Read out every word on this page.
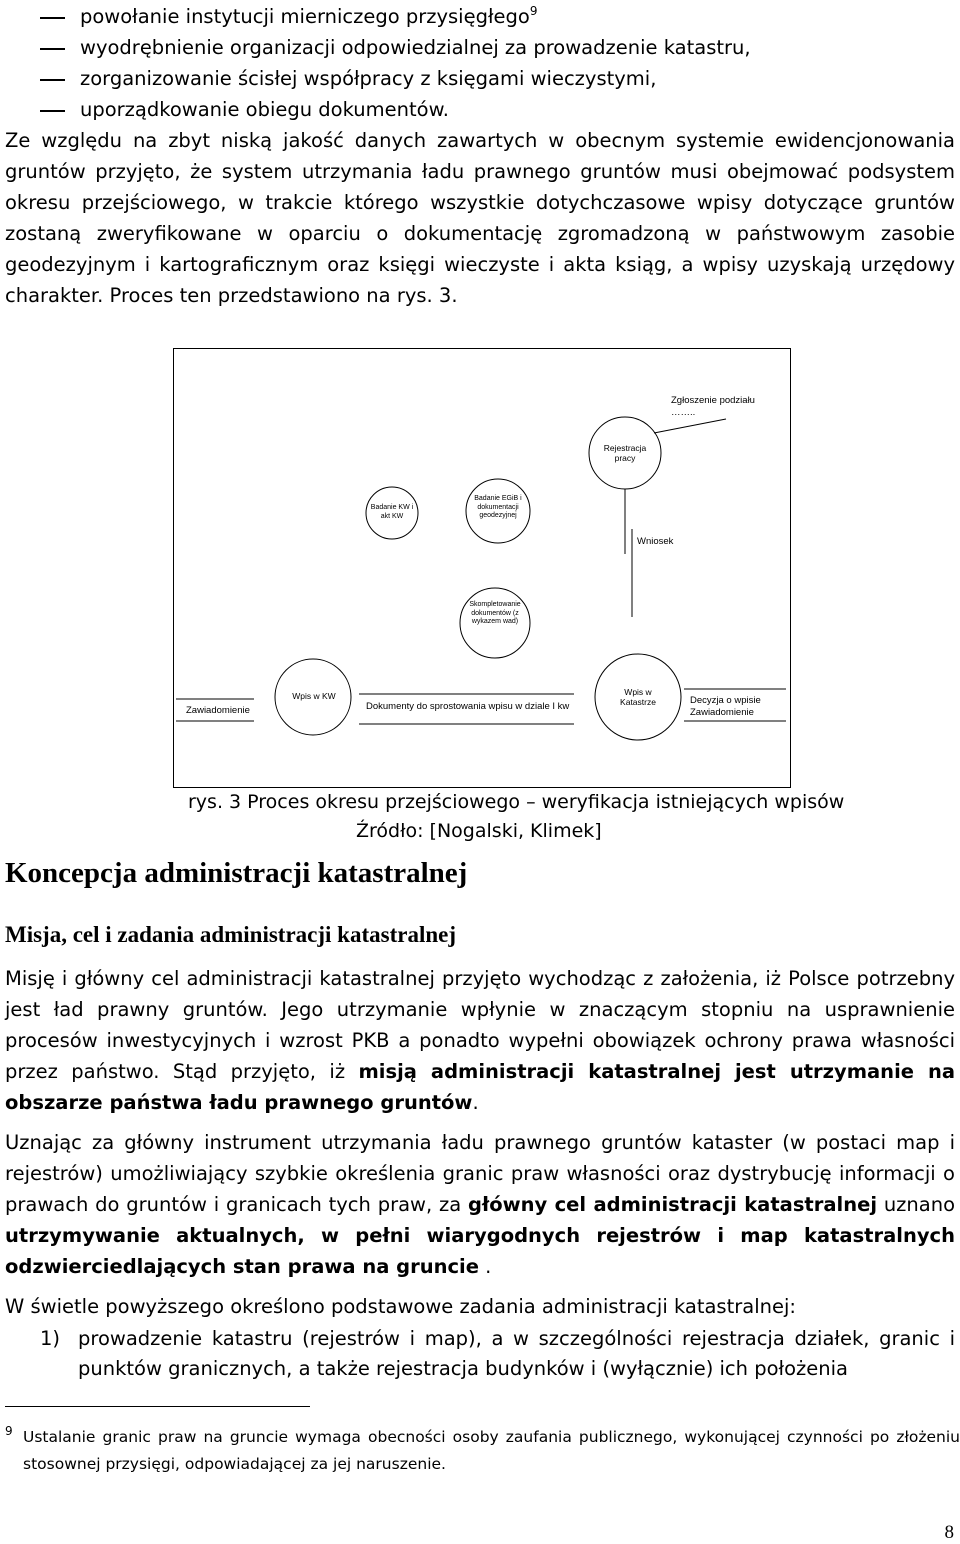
powołanie instytucji mierniczego przysięgłego$^9$
wyodrębnienie organizacji odpowiedzialnej za prowadzenie katastru,
zorganizowanie ścisłej współpracy z księgami wieczystymi,
uporządkowanie obiegu dokumentów.

Ze względu na zbyt niską jakość danych zawartych w obecnym systemie ewidencjonowania gruntów przyjęto, że system utrzymania ładu prawnego gruntów musi obejmować podsystem okresu przejściowego, w trakcie którego wszystkie dotychczasowe wpisy dotyczące gruntów zostaną zweryfikowane w oparciu o dokumentację zgromadzoną w państwowym zasobie geodezyjnym i kartograficznym oraz księgi wieczyste i akta ksiąg, a wpisy uzyskają urzędowy charakter. Proces ten przedstawiono na rys. 3.

Zgłoszenie podziału
……..
Rejestracja pracy
Badanie KW i akt KW
Badanie EGiB i dokumentacji geodezyjnej
Wniosek
Skompletowanie dokumentów (z wykazem wad)
Zawiadomienie
Wpis w KW
Dokumenty do sprostowania wpisu w dziale I kw
Wpis w Katastrze	Decyzja o wpisie
Zawiadomienie
rys. 3 Proces okresu przejściowego – weryfikacja istniejących wpisów
Źródło: [Nogalski, Klimek]
Koncepcja administracji katastralnej
Misja, cel i zadania administracji katastralnej

Misję i główny cel administracji katastralnej przyjęto wychodząc z założenia, iż Polsce potrzebny jest ład prawny gruntów. Jego utrzymanie wpłynie w znaczącym stopniu na usprawnienie procesów inwestycyjnych i wzrost PKB a ponadto wypełni obowiązek ochrony prawa własności przez państwo. Stąd przyjęto, iż misją administracji katastralnej jest utrzymanie na obszarze państwa ładu prawnego gruntów.

Uznając za główny instrument utrzymania ładu prawnego gruntów kataster (w postaci map i rejestrów) umożliwiający szybkie określenia granic praw własności oraz dystrybucję informacji o prawach do gruntów i granicach tych praw, za główny cel administracji katastralnej uznano utrzymywanie aktualnych, w pełni wiarygodnych rejestrów i map katastralnych odzwierciedlających stan prawa na gruncie .

W świetle powyższego określono podstawowe zadania administracji katastralnej:

1) prowadzenie katastru (rejestrów i map), a w szczególności rejestracja działek, granic i punktów granicznych, a także rejestracja budynków i (wyłącznie) ich położenia
9 Ustalanie granic praw na gruncie wymaga obecności osoby zaufania publicznego, wykonującej czynności po złożeniu stosownej przysięgi, odpowiadającej za jej naruszenie.
8
